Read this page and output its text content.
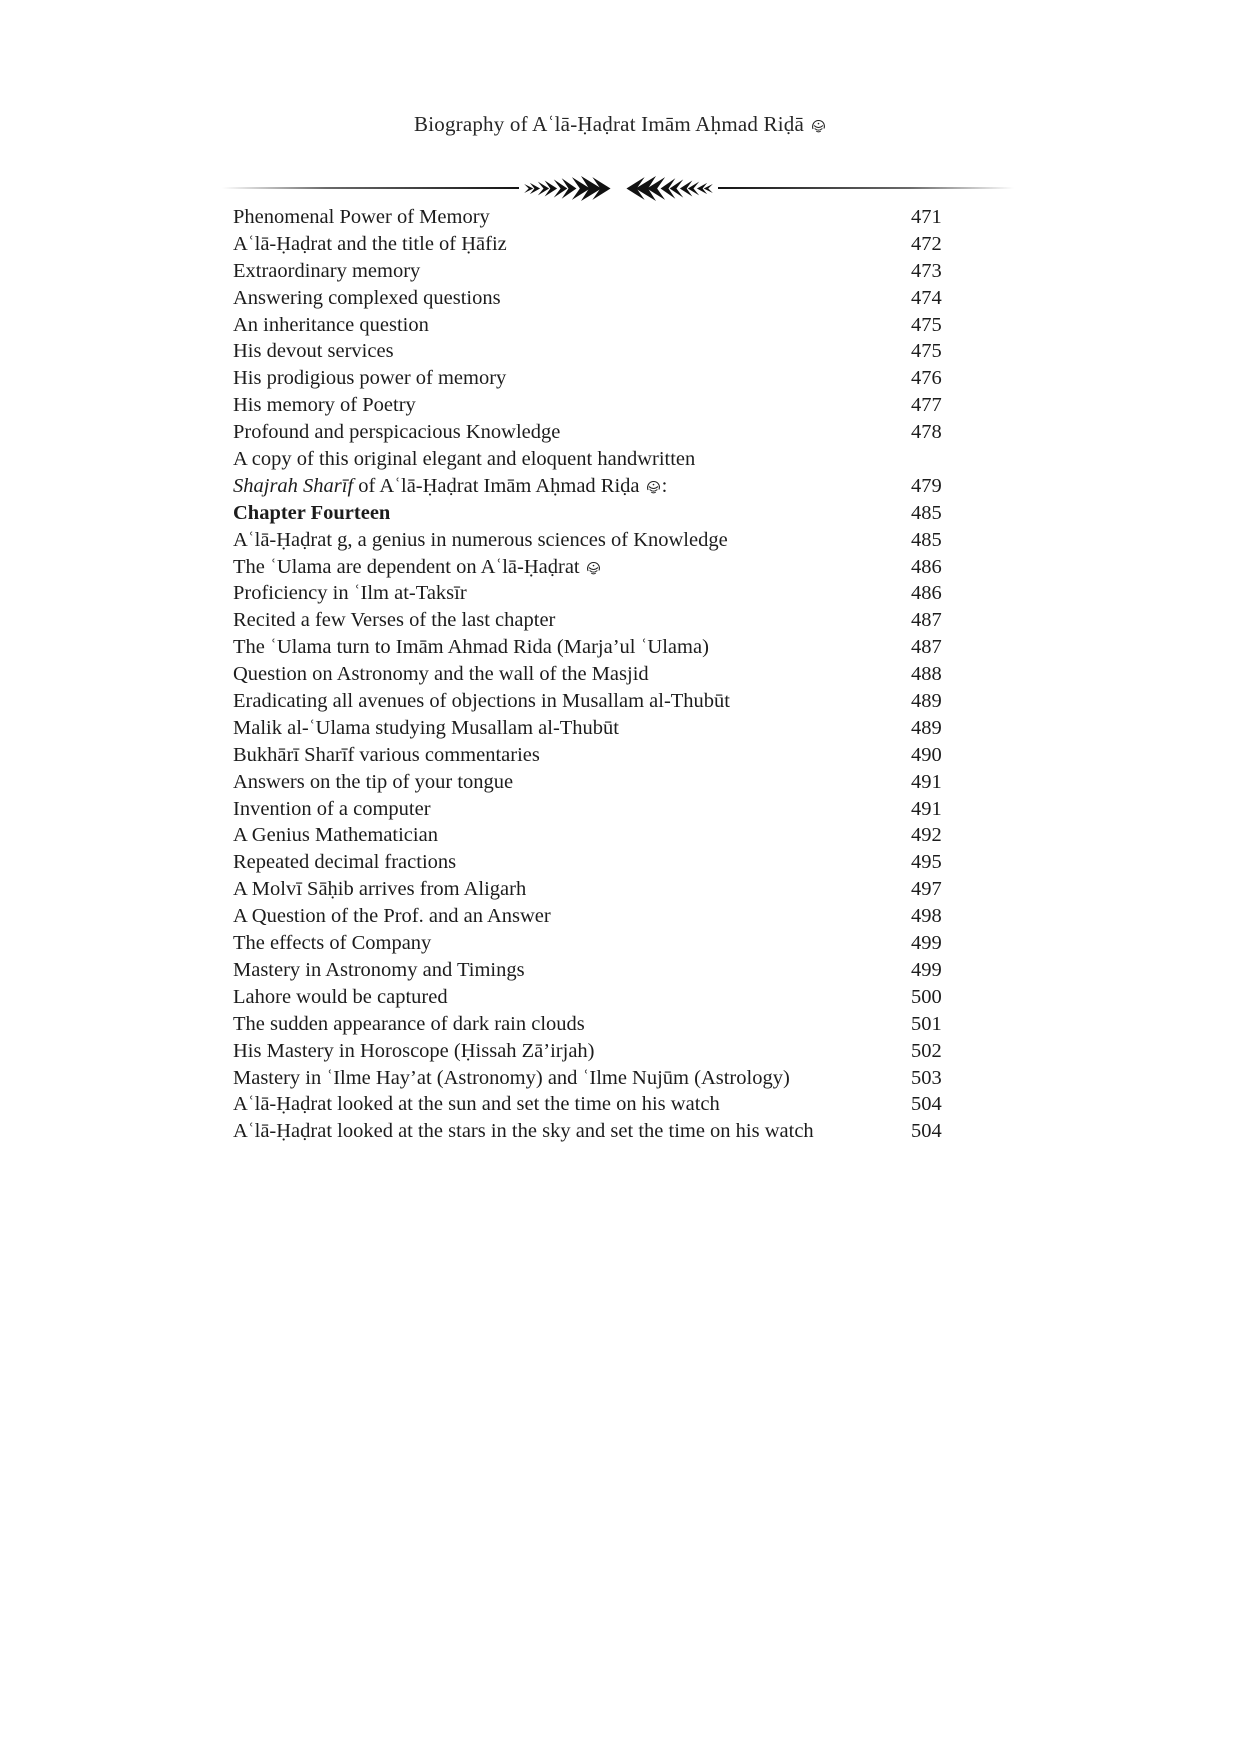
Biography of Aʿlā-Ḥaḍrat Imām Aḥmad Riḍā
Phenomenal Power of Memory	471
Aʿlā-Ḥaḍrat and the title of Ḥāfiz	472
Extraordinary memory	473
Answering complexed questions	474
An inheritance question	475
His devout services	475
His prodigious power of memory	476
His memory of Poetry	477
Profound and perspicacious Knowledge	478
A copy of this original elegant and eloquent handwritten
Shajrah Sharīf of Aʿlā-Ḥaḍrat Imām Aḥmad Riḍa :	479
Chapter Fourteen	485
Aʿlā-Ḥaḍrat g, a genius in numerous sciences of Knowledge	485
The ʿUlama are dependent on Aʿlā-Ḥaḍrat	486
Proficiency in ʿIlm at-Taksīr	486
Recited a few Verses of the last chapter	487
The ʿUlama turn to Imām Ahmad Rida (Marja’ul ʿUlama)	487
Question on Astronomy and the wall of the Masjid	488
Eradicating all avenues of objections in Musallam al-Thubūt	489
Malik al-ʿUlama studying Musallam al-Thubūt	489
Bukhārī Sharīf various commentaries	490
Answers on the tip of your tongue	491
Invention of a computer	491
A Genius Mathematician	492
Repeated decimal fractions	495
A Molvī Sāḥib arrives from Aligarh	497
A Question of the Prof. and an Answer	498
The effects of Company	499
Mastery in Astronomy and Timings	499
Lahore would be captured	500
The sudden appearance of dark rain clouds	501
His Mastery in Horoscope (Ḥissah Zā’irjah)	502
Mastery in ʿIlme Hay’at (Astronomy) and ʿIlme Nujūm (Astrology)	503
Aʿlā-Ḥaḍrat looked at the sun and set the time on his watch	504
Aʿlā-Ḥaḍrat looked at the stars in the sky and set the time on his watch	504
